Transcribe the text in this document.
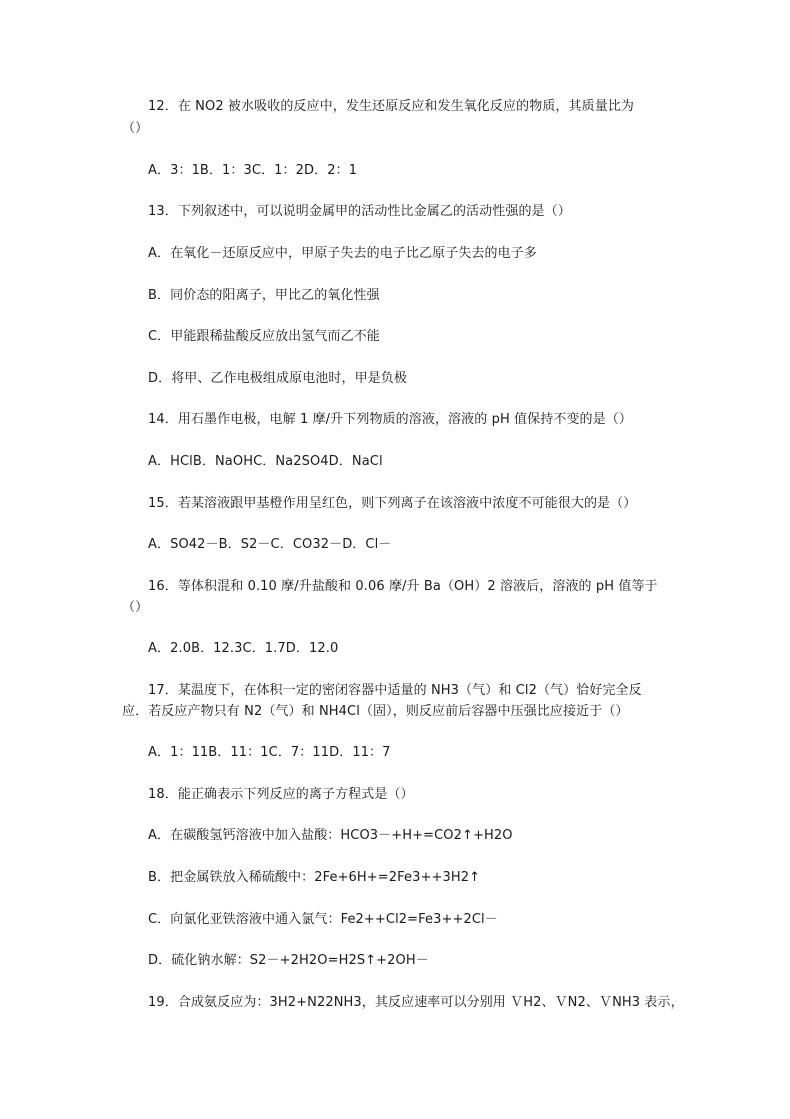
12．在 NO2 被水吸收的反应中，发生还原反应和发生氧化反应的物质，其质量比为
（）
A．3：1B．1：3C．1：2D．2：1
13．下列叙述中，可以说明金属甲的活动性比金属乙的活动性强的是（）
A．在氧化－还原反应中，甲原子失去的电子比乙原子失去的电子多
B．同价态的阳离子，甲比乙的氧化性强
C．甲能跟稀盐酸反应放出氢气而乙不能
D．将甲、乙作电极组成原电池时，甲是负极
14．用石墨作电极，电解 1 摩/升下列物质的溶液，溶液的 pH 值保持不变的是（）
A．HClB．NaOHC．Na2SO4D．NaCl
15．若某溶液跟甲基橙作用呈红色，则下列离子在该溶液中浓度不可能很大的是（）
A．SO42－B．S2－C．CO32－D．Cl－
16．等体积混和 0.10 摩/升盐酸和 0.06 摩/升 Ba（OH）2 溶液后，溶液的 pH 值等于
（）
A．2.0B．12.3C．1.7D．12.0
17．某温度下，在体积一定的密闭容器中适量的 NH3（气）和 Cl2（气）恰好完全反
应．若反应产物只有 N2（气）和 NH4Cl（固），则反应前后容器中压强比应接近于（）
A．1：11B．11：1C．7：11D．11：7
18．能正确表示下列反应的离子方程式是（）
A．在碳酸氢钙溶液中加入盐酸：HCO3－+H+=CO2↑+H2O
B．把金属铁放入稀硫酸中：2Fe+6H+=2Fe3++3H2↑
C．向氯化亚铁溶液中通入氯气：Fe2++Cl2=Fe3++2Cl－
D．硫化钠水解：S2－+2H2O=H2S↑+2OH－
19．合成氨反应为：3H2+N22NH3，其反应速率可以分别用 ＶH2、ＶN2、ＶNH3 表示，
